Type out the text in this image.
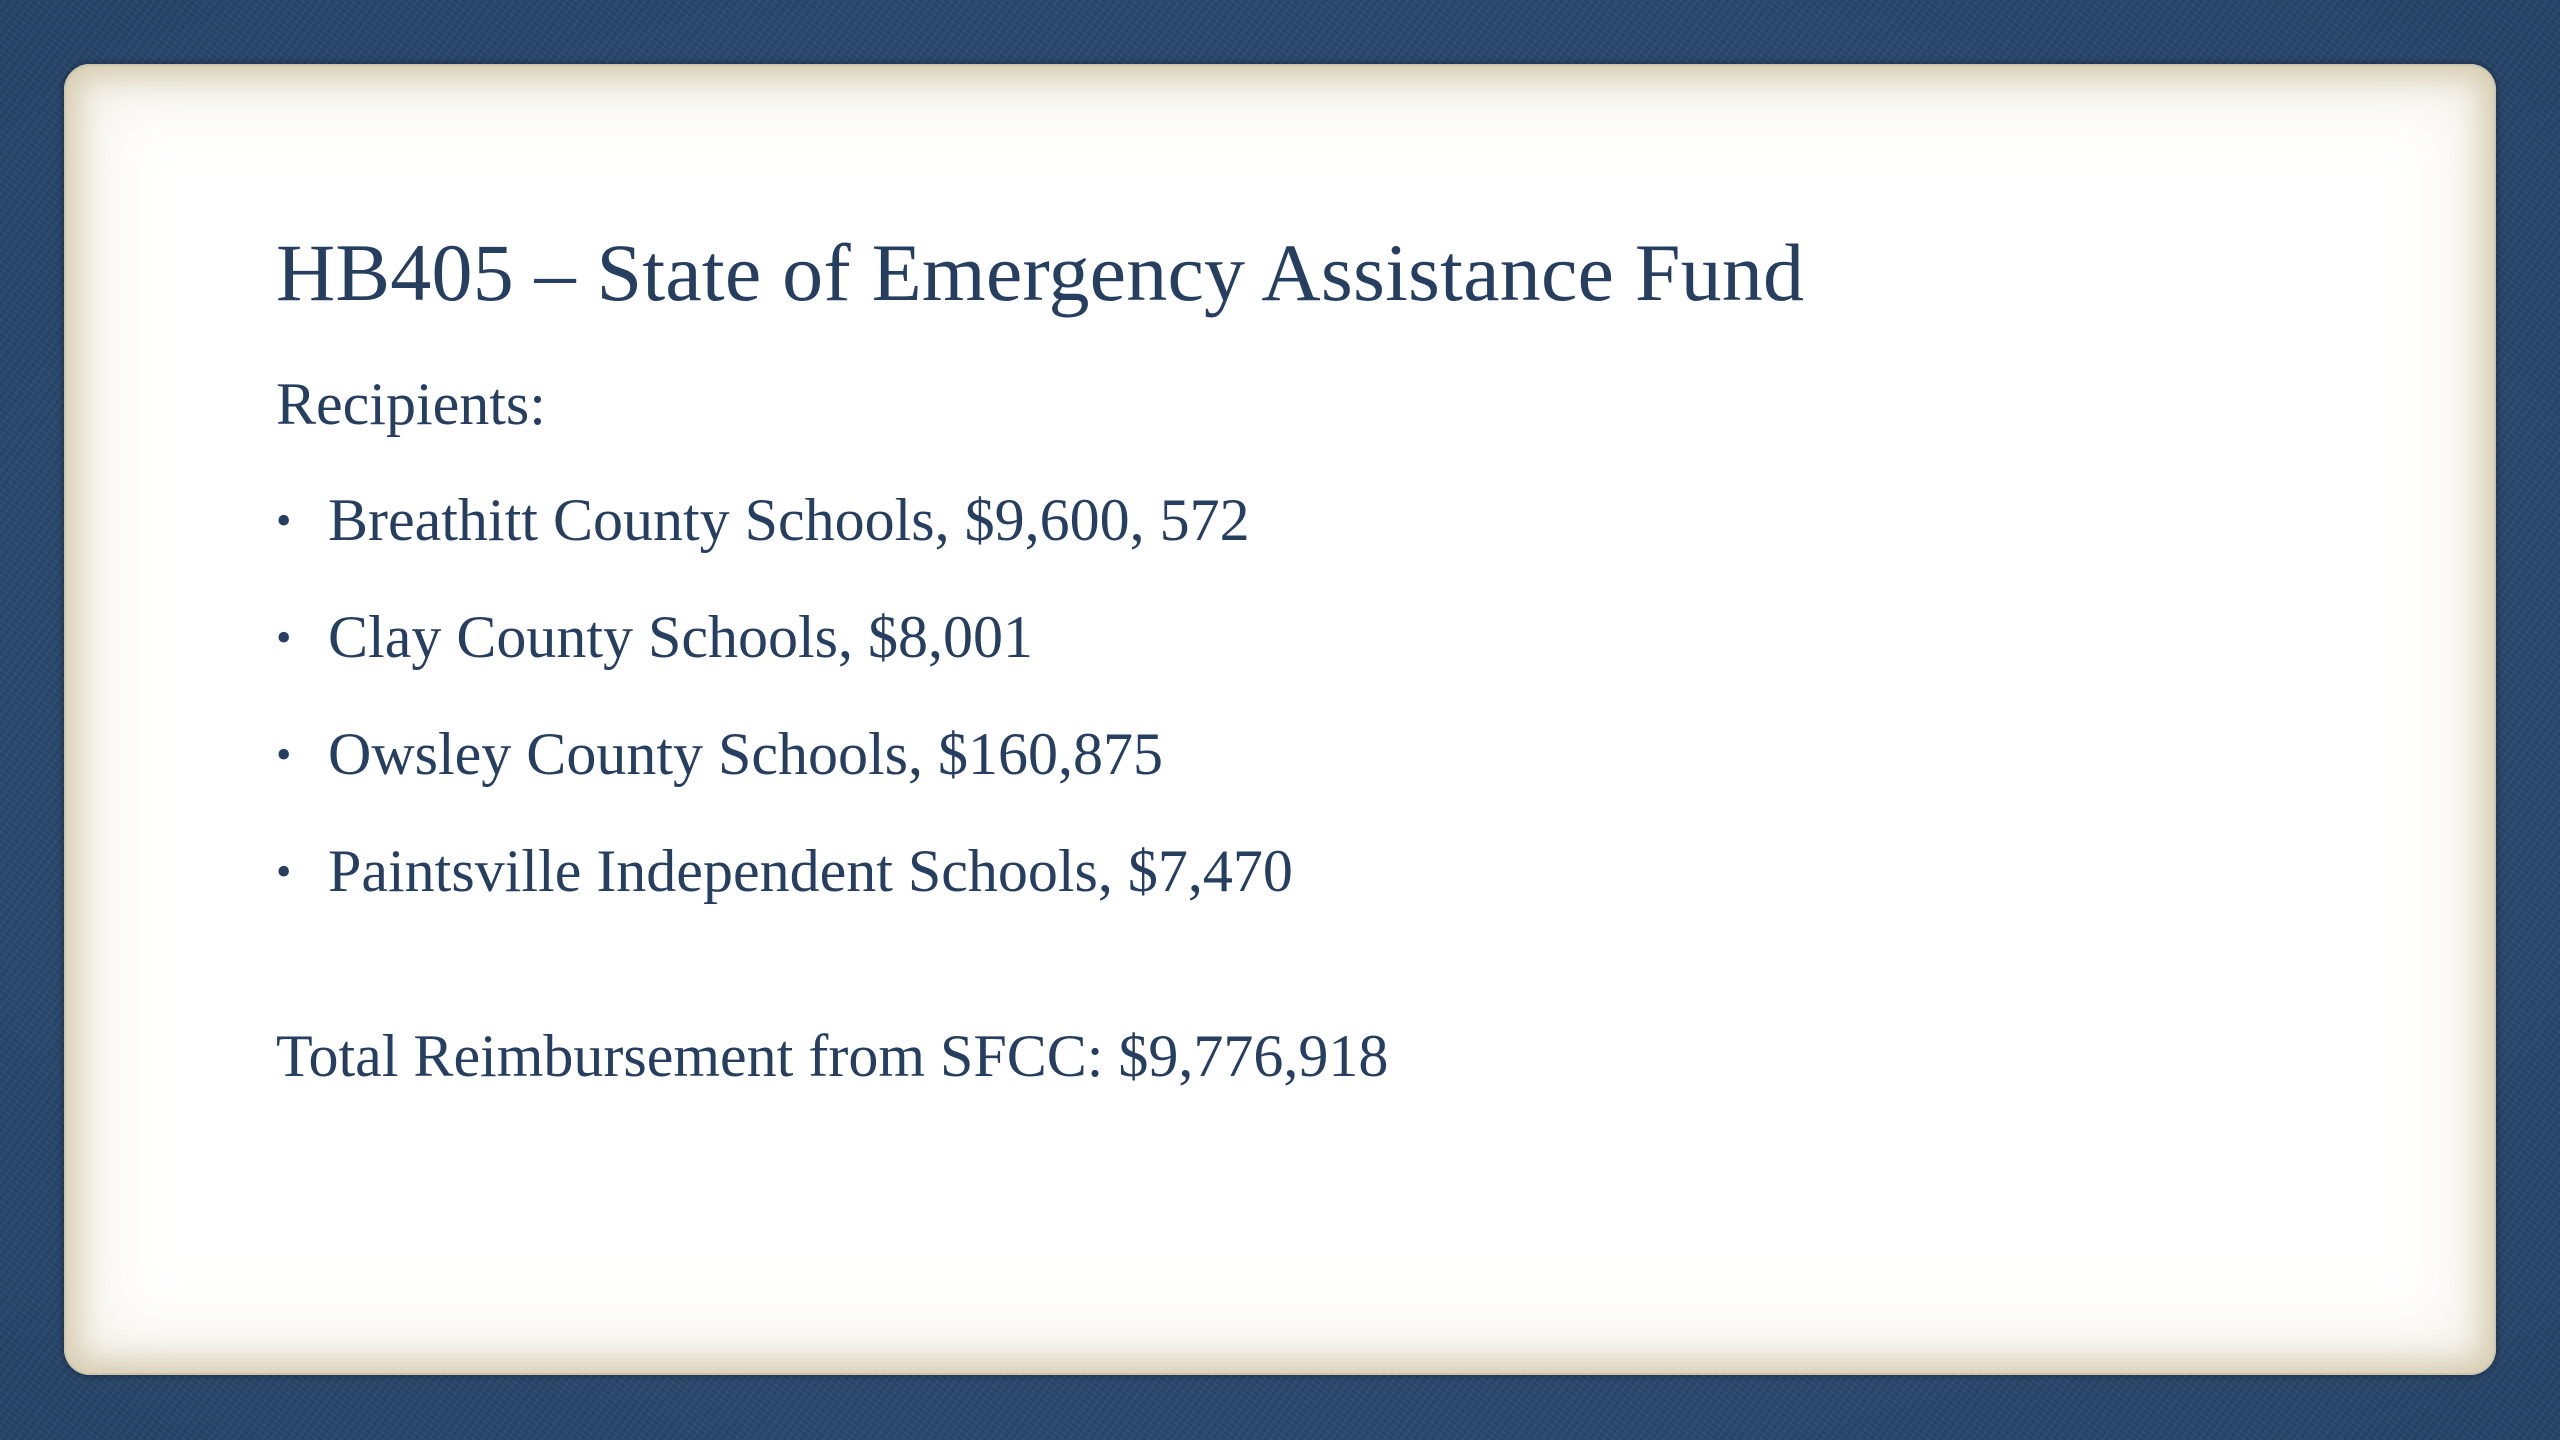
HB405 – State of Emergency Assistance Fund
Recipients:
• Breathitt County Schools, $9,600, 572
• Clay County Schools, $8,001
• Owsley County Schools, $160,875
• Paintsville Independent Schools, $7,470
Total Reimbursement from SFCC: $9,776,918
